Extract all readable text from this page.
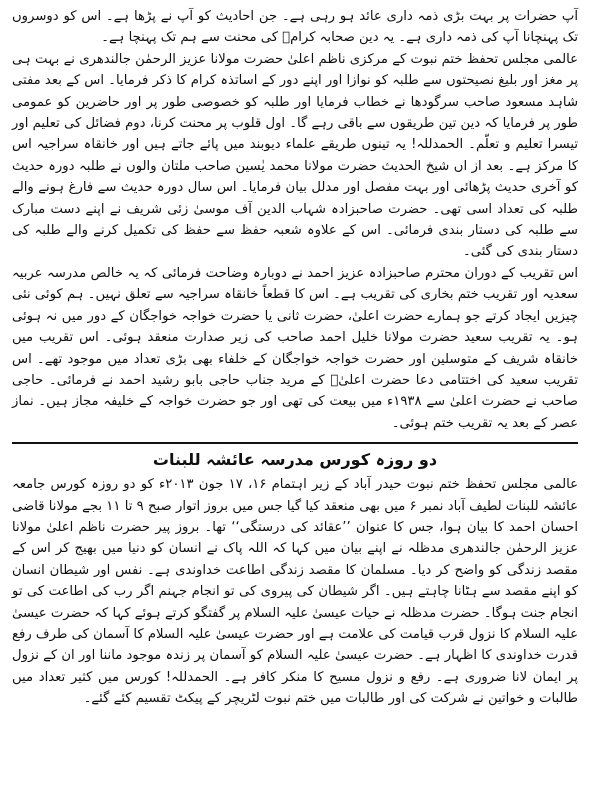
آپ حضرات پر بہت بڑی ذمہ داری عائد ہو رہی ہے۔ جن احادیث کو آپ نے پڑھا ہے۔ اس کو دوسروں تک پہنچانا آپ کی ذمہ داری ہے۔ یہ دین صحابہ کرامؓ کی محنت سے ہم تک پہنچا ہے۔

عالمی مجلس تحفظ ختم نبوت کے مرکزی ناظم اعلیٰ حضرت مولانا عزیز الرحمٰن جالندھری نے بہت ہی پر مغز اور بلیغ نصیحتوں سے طلبہ کو نوازا اور اپنے دور کے اساتذہ کرام کا ذکر فرمایا۔ اس کے بعد مفتی شاہد مسعود صاحب سرگودھا نے خطاب فرمایا اور طلبہ کو خصوصی طور پر اور حاضرین کو عمومی طور پر فرمایا کہ دین تین طریقوں سے باقی رہے گا۔ اول قلوب پر محنت کرنا، دوم فضائل کی تعلیم اور تیسرا تعلیم و تعلّم۔ الحمدللہ! یہ تینوں طریقے علماء دیوبند میں پائے جاتے ہیں اور خانقاہ سراجیہ اس کا مرکز ہے۔ بعد از اں شیخ الحدیث حضرت مولانا محمد یٰسین صاحب ملتان والوں نے طلبہ دورہ حدیث کو آخری حدیث پڑھائی اور بہت مفصل اور مدلل بیان فرمایا۔ اس سال دورہ حدیث سے فارغ ہونے والے طلبہ کی تعداد اسی تھی۔ حضرت صاحبزادہ شہاب الدین آف موسیٰ زئی شریف نے اپنے دست مبارک سے طلبہ کی دستار بندی فرمائی۔ اس کے علاوہ شعبہ حفظ سے حفظ کی تکمیل کرنے والے طلبہ کی دستار بندی کی گئی۔

اس تقریب کے دوران محترم صاحبزادہ عزیز احمد نے دوبارہ وضاحت فرمائی کہ یہ خالص مدرسہ عربیہ سعدیہ اور تقریب ختم بخاری کی تقریب ہے۔ اس کا قطعاً خانقاہ سراجیہ سے تعلق نہیں۔ ہم کوئی نئی چیزیں ایجاد کرتے جو ہمارے حضرت اعلیٰ، حضرت ثانی یا حضرت خواجہ خواجگان کے دور میں نہ ہوئی ہو۔ یہ تقریب سعید حضرت مولانا خلیل احمد صاحب کی زیر صدارت منعقد ہوئی۔ اس تقریب میں خانقاہ شریف کے متوسلین اور حضرت خواجہ خواجگان کے خلفاء بھی بڑی تعداد میں موجود تھے۔ اس تقریب سعید کی اختتامی دعا حضرت اعلیٰؒ کے مرید جناب حاجی بابو رشید احمد نے فرمائی۔ حاجی صاحب نے حضرت اعلیٰ سے ۱۹۳۸ء میں بیعت کی تھی اور جو حضرت خواجہ کے خلیفہ مجاز ہیں۔ نماز عصر کے بعد یہ تقریب ختم ہوئی۔

دو روزہ کورس مدرسہ عائشہ للبنات

عالمی مجلس تحفظ ختم نبوت حیدر آباد کے زیر اہتمام ۱۶، ۱۷ جون ۲۰۱۳ء کو دو روزہ کورس جامعہ عائشہ للبنات لطیف آباد نمبر ۶ میں بھی منعقد کیا گیا جس میں بروز اتوار صبح ۹ تا ۱۱ بجے مولانا قاضی احسان احمد کا بیان ہوا، جس کا عنوان ’’عقائد کی درستگی‘‘ تھا۔ بروز پیر حضرت ناظم اعلیٰ مولانا عزیز الرحمٰن جالندھری مدظلہ نے اپنے بیان میں کہا کہ اللہ پاک نے انسان کو دنیا میں بھیج کر اس کے مقصد زندگی کو واضح کر دیا۔ مسلمان کا مقصد زندگی اطاعت خداوندی ہے۔ نفس اور شیطان انسان کو اپنے مقصد سے ہٹانا چاہتے ہیں۔ اگر شیطان کی پیروی کی تو انجام جہنم اگر رب کی اطاعت کی تو انجام جنت ہوگا۔ حضرت مدظلہ نے حیات عیسیٰ علیہ السلام پر گفتگو کرتے ہوئے کہا کہ حضرت عیسیٰ علیہ السلام کا نزول قرب قیامت کی علامت ہے اور حضرت عیسیٰ علیہ السلام کا آسمان کی طرف رفع قدرت خداوندی کا اظہار ہے۔ حضرت عیسیٰ علیہ السلام کو آسمان پر زندہ موجود ماننا اور ان کے نزول پر ایمان لانا ضروری ہے۔ رفع و نزول مسیح کا منکر کافر ہے۔ الحمدللہ! کورس میں کثیر تعداد میں طالبات و خواتین نے شرکت کی اور طالبات میں ختم نبوت لٹریچر کے پیکٹ تقسیم کئے گئے۔
